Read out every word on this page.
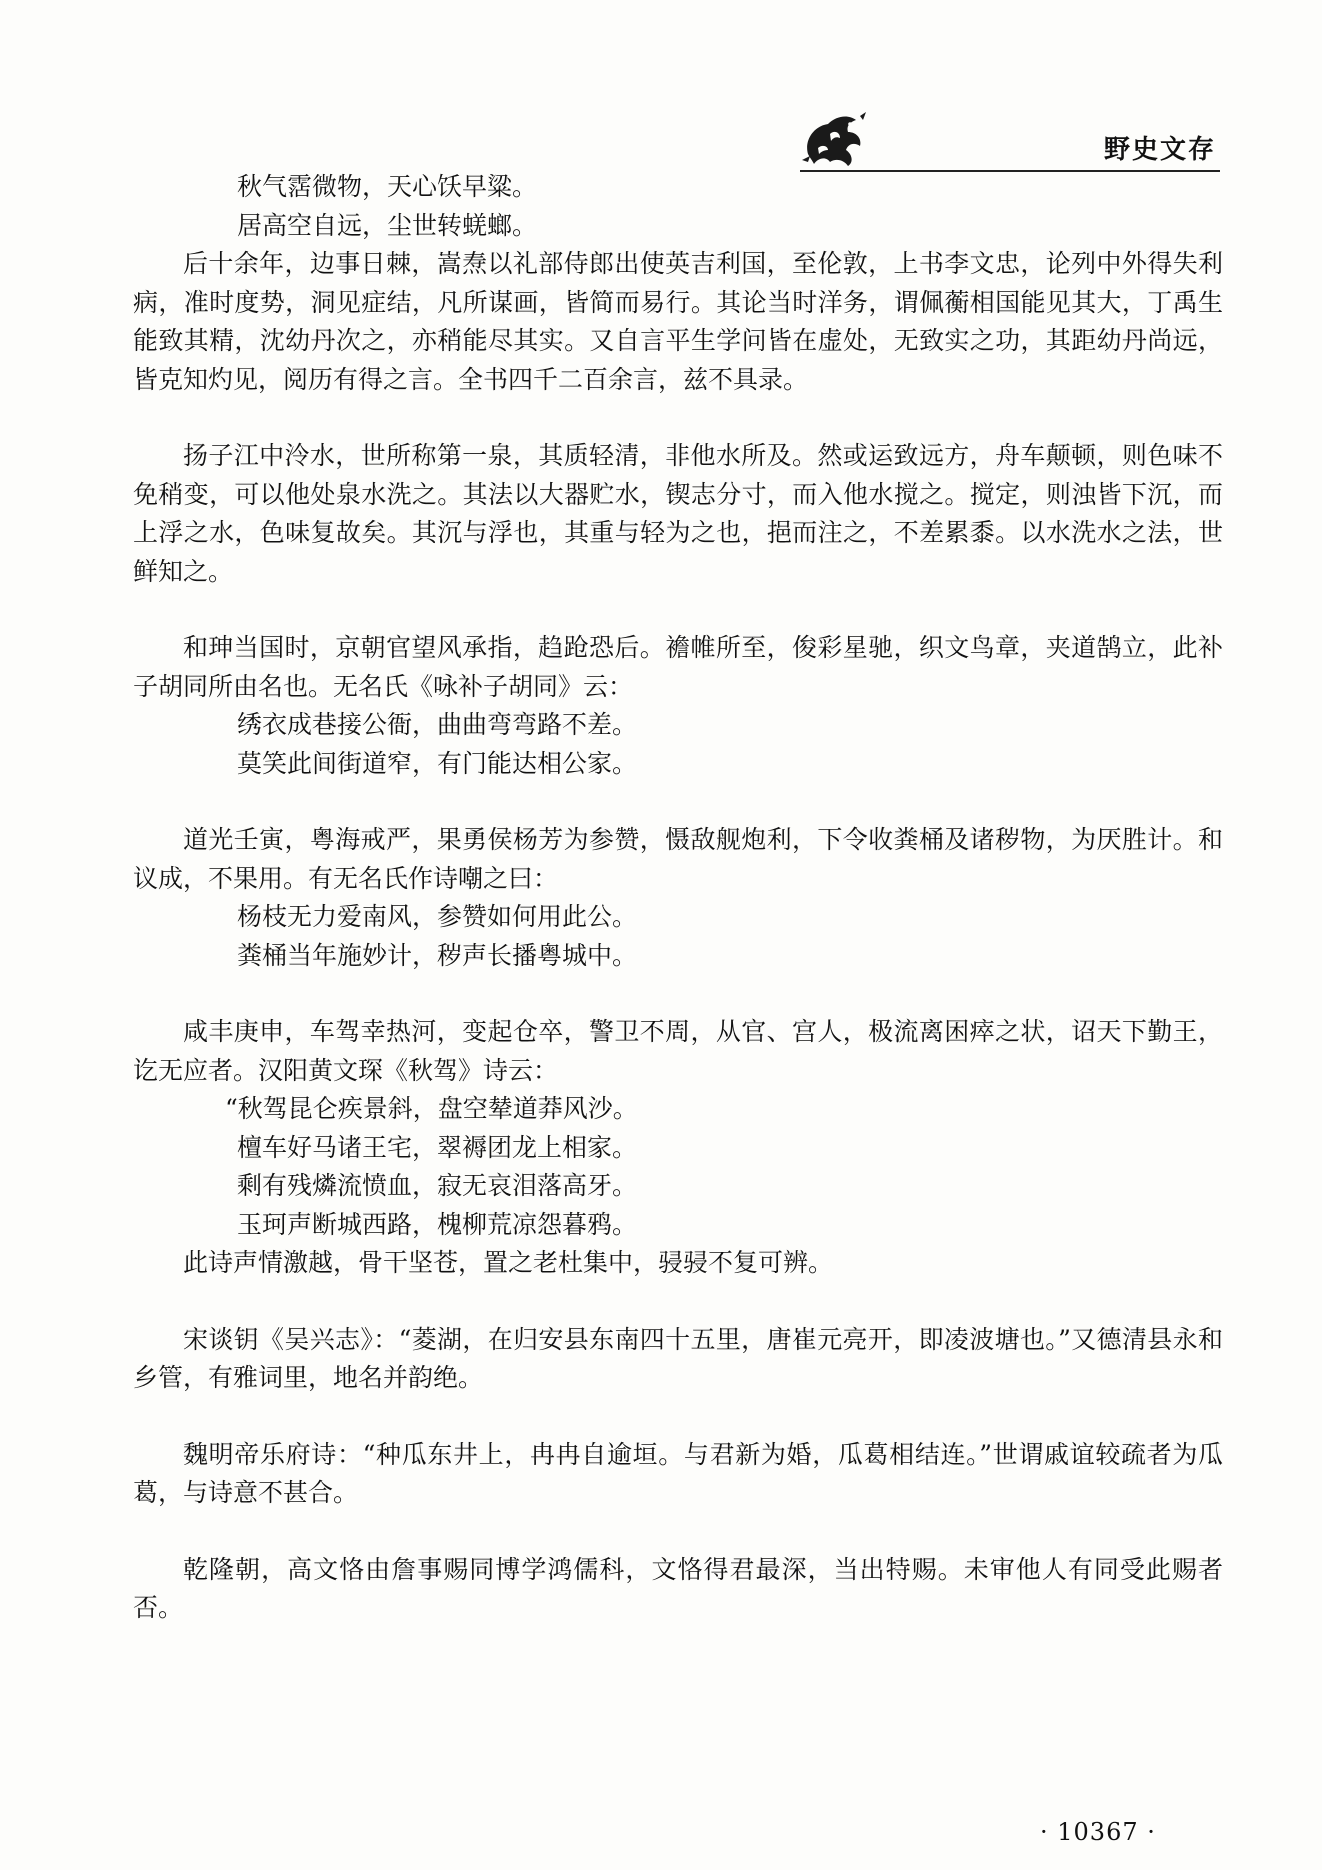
野史文存
秋气霑微物，天心饫早粱。
居高空自远，尘世转蜣螂。

后十余年，边事日棘，嵩焘以礼部侍郎出使英吉利国，至伦敦，上书李文忠，论列中外得失利病，准时度势，洞见症结，凡所谋画，皆简而易行。其论当时洋务，谓佩蘅相国能见其大，丁禹生能致其精，沈幼丹次之，亦稍能尽其实。又自言平生学问皆在虚处，无致实之功，其距幼丹尚远，皆克知灼见，阅历有得之言。全书四千二百余言，兹不具录。

扬子江中泠水，世所称第一泉，其质轻清，非他水所及。然或运致远方，舟车颠顿，则色味不免稍变，可以他处泉水洗之。其法以大器贮水，锲志分寸，而入他水搅之。搅定，则浊皆下沉，而上浮之水，色味复故矣。其沉与浮也，其重与轻为之也，挹而注之，不差累黍。以水洗水之法，世鲜知之。

和珅当国时，京朝官望风承指，趋跄恐后。襜帷所至，俊彩星驰，织文鸟章，夹道鹄立，此补子胡同所由名也。无名氏《咏补子胡同》云：

绣衣成巷接公衙，曲曲弯弯路不差。
莫笑此间街道窄，有门能达相公家。

道光壬寅，粤海戒严，果勇侯杨芳为参赞，慑敌舰炮利，下令收粪桶及诸秽物，为厌胜计。和议成，不果用。有无名氏作诗嘲之曰：

杨枝无力爱南风，参赞如何用此公。
粪桶当年施妙计，秽声长播粤城中。

咸丰庚申，车驾幸热河，变起仓卒，警卫不周，从官、宫人，极流离困瘁之状，诏天下勤王，讫无应者。汉阳黄文琛《秋驾》诗云：

“秋驾昆仑疾景斜，盘空辇道莽风沙。
檀车好马诸王宅，翠褥团龙上相家。
剩有残燐流愤血，寂无哀泪落高牙。
玉珂声断城西路，槐柳荒凉怨暮鸦。

此诗声情激越，骨干坚苍，置之老杜集中，骎骎不复可辨。

宋谈钥《吴兴志》：“菱湖，在归安县东南四十五里，唐崔元亮开，即凌波塘也。”又德清县永和乡管，有雅词里，地名并韵绝。

魏明帝乐府诗：“种瓜东井上，冉冉自逾垣。与君新为婚，瓜葛相结连。”世谓戚谊较疏者为瓜葛，与诗意不甚合。

乾隆朝，高文恪由詹事赐同博学鸿儒科，文恪得君最深，当出特赐。未审他人有同受此赐者否。

· 10367 ·
